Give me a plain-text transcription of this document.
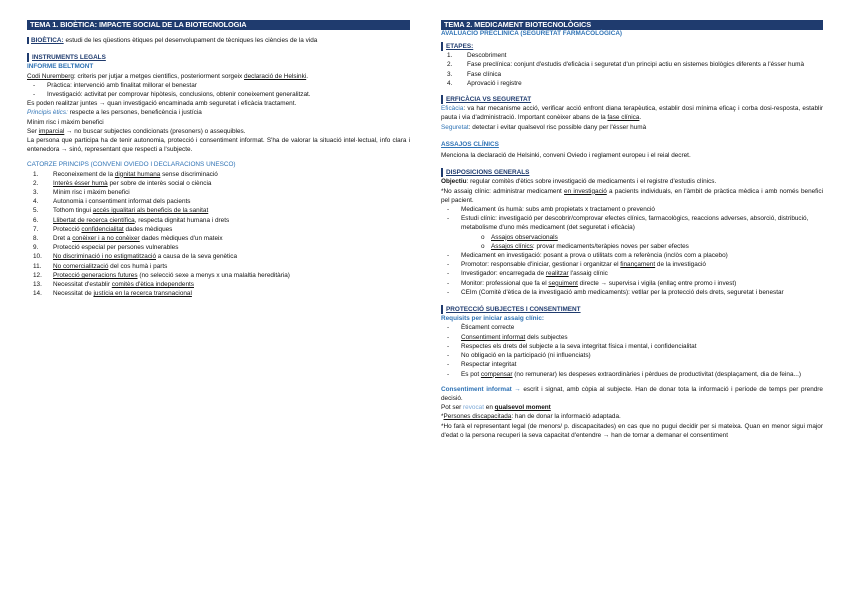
TEMA 1. BIOÈTICA: IMPACTE SOCIAL DE LA BIOTECNOLOGIA

BIOÈTICA: estudi de les qüestions ètiques pel desenvolupament de tècniques les ciències de la vida

INSTRUMENTS LEGALS
INFORME BELTMONT

Codi Nuremberg: criteris per jutjar a metges cientifics, posteriorment sorgeix declaració de Helsinki.

-	Pràctica: intervenció amb finalitat millorar el benestar
-	Investigació: activitat per comprovar hipòtesis, conclusions, obtenir coneixement generalitzat.

Es poden realitzar juntes → quan investigació encaminada amb seguretat i eficàcia tractament.

Principis ètics: respecte a les persones, beneficència i justícia

Mínim risc i màxim benefici

Ser imparcial → no buscar subjectes condicionats (presoners) o assequibles.

La persona que participa ha de tenir autonomia, protecció i consentiment informat. S'ha de valorar la situació intel·lectual, info clara i entenedora → sinó, representant que respecti a l'subjecte.

CATORZE PRINCIPS (CONVENI OVIEDO I DECLARACIONS UNESCO)
1.	Reconeixement de la dignitat humana sense discriminació
2.	Interès ésser humà per sobre de interès social o ciència
3.	Mínim risc i màxim benefici
4.	Autonomia i consentiment informat dels pacients
5.	Tothom tingui accés igualitari als beneficis de la sanitat
6.	Llibertat de recerca científica, respecta dignitat humana i drets
7.	Protecció confidencialitat dades mèdiques
8.	Dret a conèixer i a no conèixer dades mèdiques d'un mateix
9.	Protecció especial per persones vulnerables
10.	No discriminació i no estigmatització a causa de la seva genètica
11.	No comercialització del cos humà i parts
12.	Protecció generacions futures (no selecció sexe a menys x una malaltia hereditària)
13.	Necessitat d'establir comitès d'ètica independents
14.	Necessitat de justícia en la recerca transnacional
TEMA 2. MEDICAMENT BIOTECNOLÒGICS
AVALUACIÓ PRECLÍNICA (SEGURETAT FARMACOLÒGICA)
ETAPES:
1.	Descobriment
2.	Fase preclínica: conjunt d'estudis d'eficàcia i seguretat d'un principi actiu en sistemes biològics diferents a l'ésser humà
3.	Fase clínica
4.	Aprovació i registre
ERFICÀCIA VS SEGURETAT

Eficàcia: va har mecanisme acció, verificar acció enfront diana terapèutica, establir dosi mínima eficaç i corba dosi-resposta, establir pauta i via d'administració. Important conèixer abans de la fase clínica.

Seguretat: detectar i evitar qualsevol risc possible dany per l'ésser humà

ASSAJOS CLÍNICS

Menciona la declaració de Helsinki, conveni Oviedo i reglament europeu i el reial decret.

DISPOSICIONS GENERALS

Objectiu: regular comitès d'ètics sobre investigació de medicaments i el registre d'estudis clínics.

*No assaig clínic: administrar medicament en investigació a pacients individuals, en l'àmbit de pràctica mèdica i amb només benefici pel pacient.

-	Medicament ús humà: subs amb propietats x tractament o prevenció
-	Estudi clínic: investigació per descobrir/comprovar efectes clínics, farmacològics, reaccions adverses, absorció, distribució, metabolisme d'uno més medicament (det seguretat i eficàcia)
o	Assajos observacionals
o	Assajos clínics: provar medicaments/teràpies noves per saber efectes
-	Medicament en investigació: posant a prova o utilitats com a referència (inclòs com a placebo)
-	Promotor: responsable d'iniciar, gestionar i organitzar el finançament de la investigació
-	Investigador: encarregada de realitzar l'assaig clínic
-	Monitor: professional que fa el seguiment directe → supervisa i vigila (enllaç entre promo i invest)
-	CEIm (Comitè d'ètica de la investigació amb medicaments): vetllar per la protecció dels drets, seguretat i benestar
PROTECCIÓ SUBJECTES I CONSENTIMENT
Requisits per iniciar assaig clínic:
-	Èticament correcte
-	Consentiment informat dels subjectes
-	Respectes els drets del subjecte a la seva integritat física i mental, i confidencialitat
-	No obligació en la participació (ni influenciats)
-	Respectar integritat
-	Es pot compensar (no remunerar) les despeses extraordinàries i pèrdues de productivitat (desplaçament, dia de feina...)

Consentiment informat → escrit i signat, amb còpia al subjecte. Han de donar tota la informació i període de temps per prendre decisió.

Pot ser revocat en qualsevol moment

*Persones discapacitada: han de donar la informació adaptada.

*Ho farà el representant legal (de menors/ p. discapacitades) en cas que no pugui decidir per si mateixa. Quan en menor sigui major d'edat o la persona recuperi la seva capacitat d'entendre → han de tornar a demanar el consentiment
